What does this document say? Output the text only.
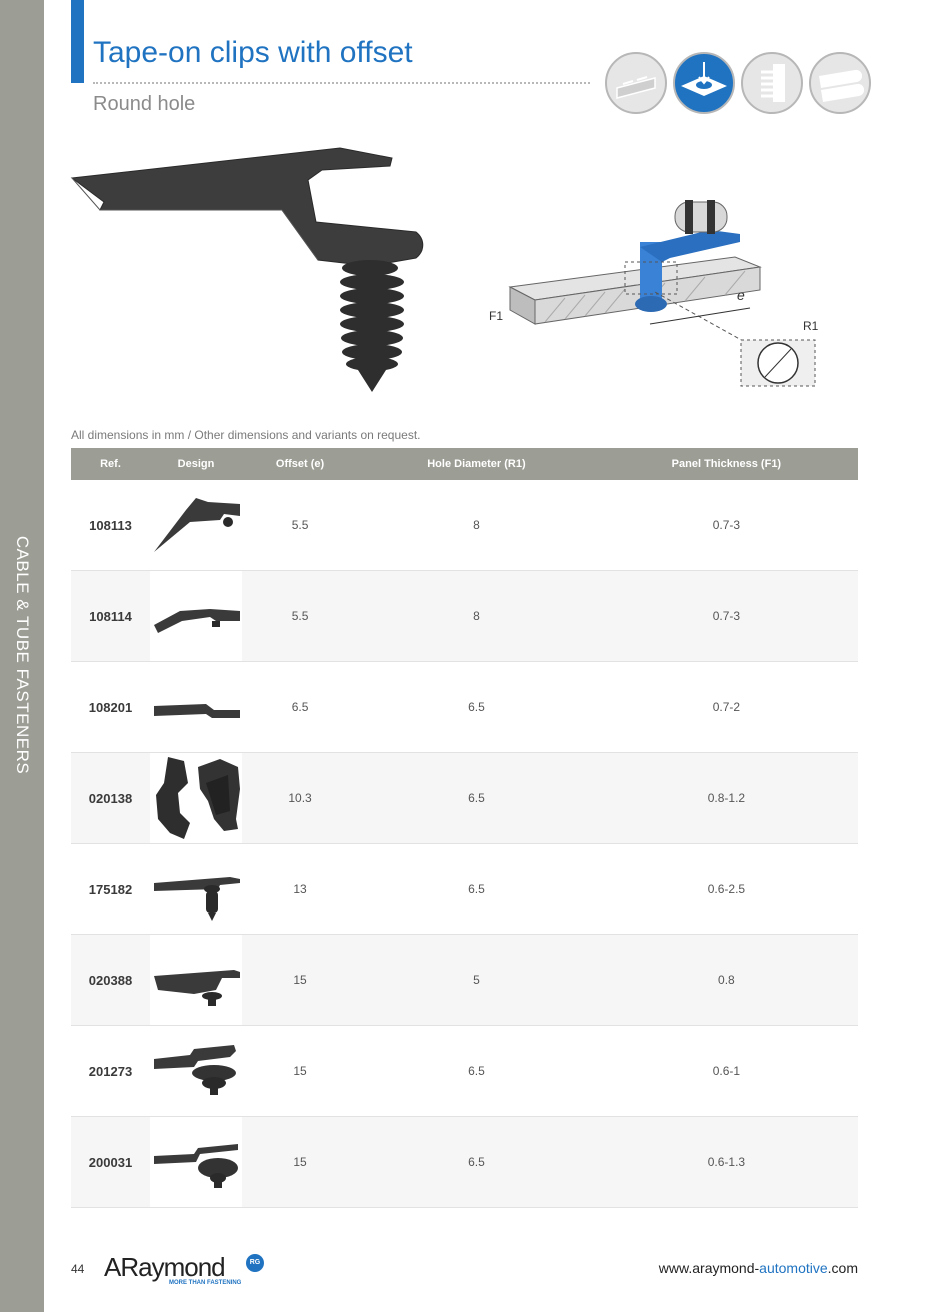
CABLE & TUBE FASTENERS
Tape-on clips with offset
Round hole
e
F1
R1
All dimensions in mm / Other dimensions and variants on request.
Ref.	Design	Offset (e)	Hole Diameter (R1)	Panel Thickness (F1)
108113		5.5	8	0.7-3
108114		5.5	8	0.7-3
108201		6.5	6.5	0.7-2
020138		10.3	6.5	0.8-1.2
175182		13	6.5	0.6-2.5
020388		15	5	0.8
201273		15	6.5	0.6-1
200031		15	6.5	0.6-1.3
44 ARaymond	RG
MORE THAN FASTENING
www.araymond-automotive.com
